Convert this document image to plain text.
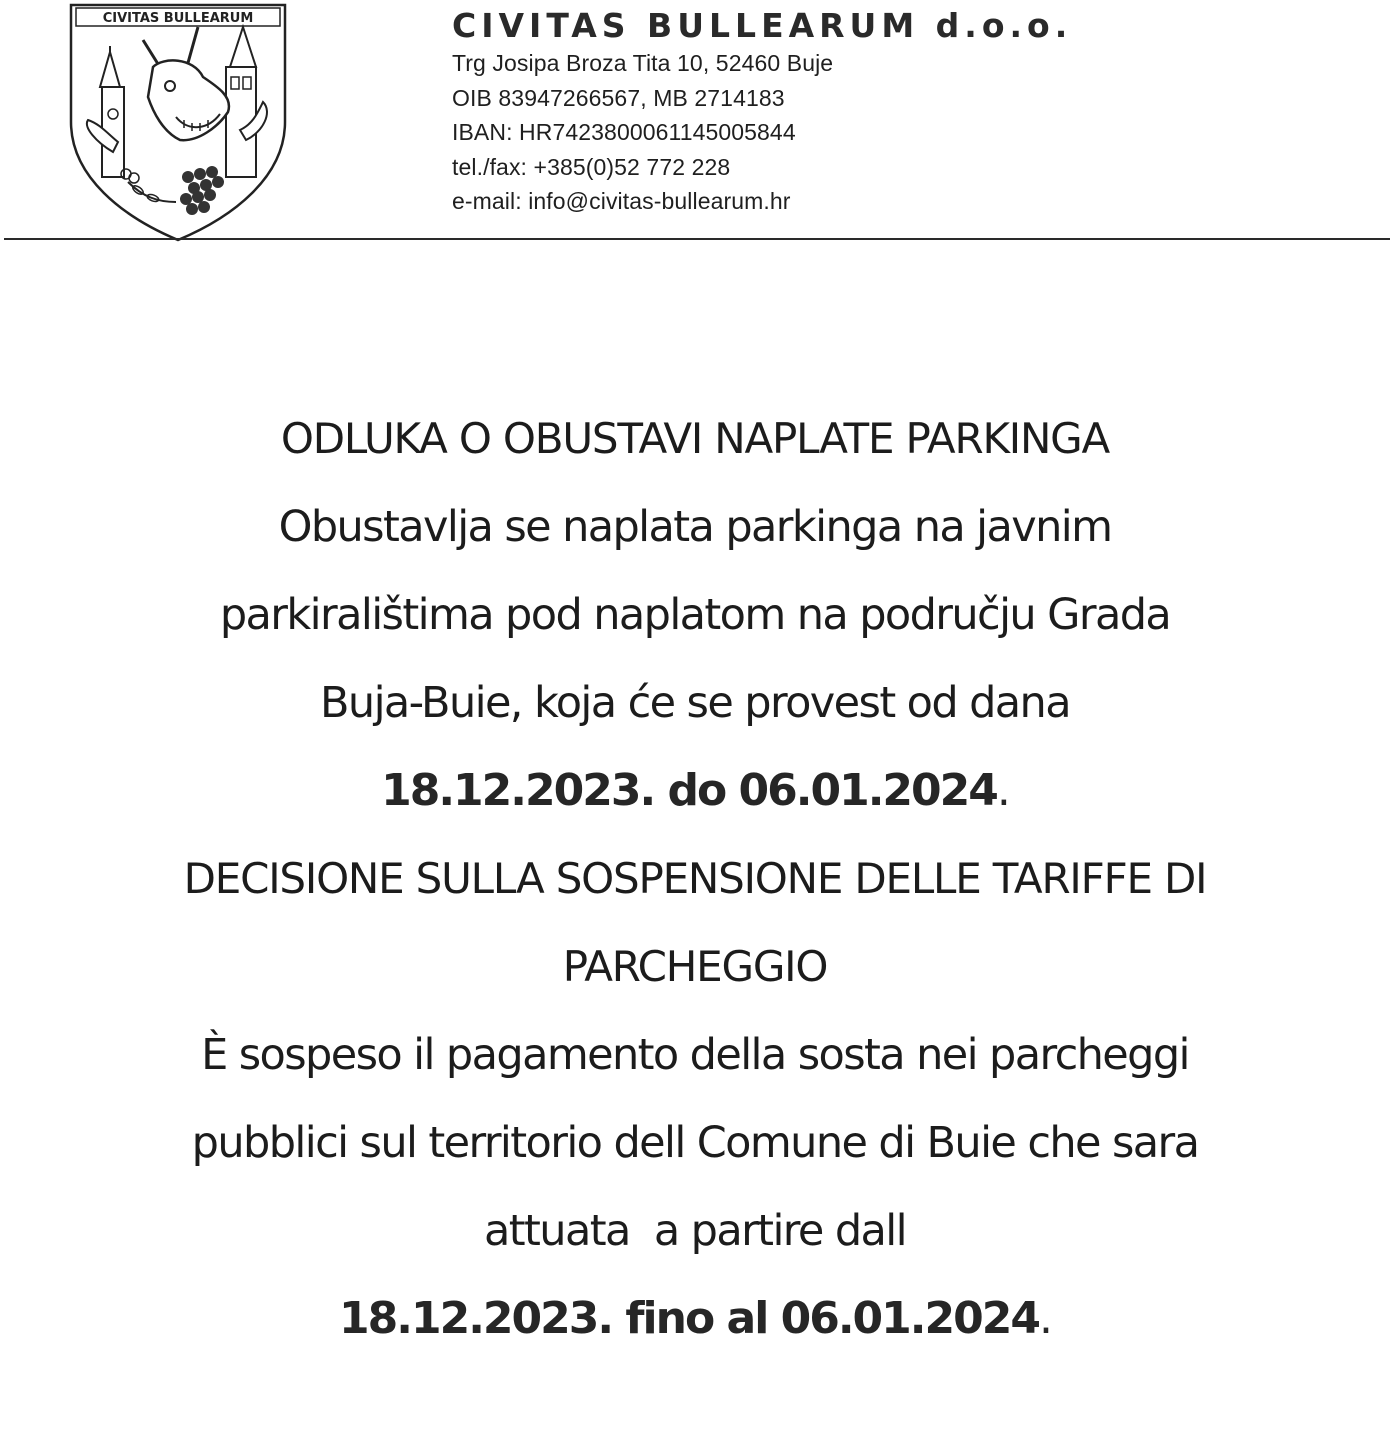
CIVITAS BULLEARUM	CIVITAS BULLEARUM d.o.o.

Trg Josipa Broza Tita 10, 52460 Buje

OIB 83947266567, MB 2714183

IBAN: HR7423800061145005844

tel./fax: +385(0)52 772 228

e-mail: info@civitas-bullearum.hr

ODLUKA O OBUSTAVI NAPLATE PARKINGA

Obustavlja se naplata parkinga na javnim

parkiralištima pod naplatom na području Grada

Buja-Buie, koja će se provest od dana

18.12.2023. do 06.01.2024.

DECISIONE SULLA SOSPENSIONE DELLE TARIFFE DI

PARCHEGGIO

È sospeso il pagamento della sosta nei parcheggi

pubblici sul territorio dell Comune di Buie che sara

attuata  a partire dall

18.12.2023. fino al 06.01.2024.
